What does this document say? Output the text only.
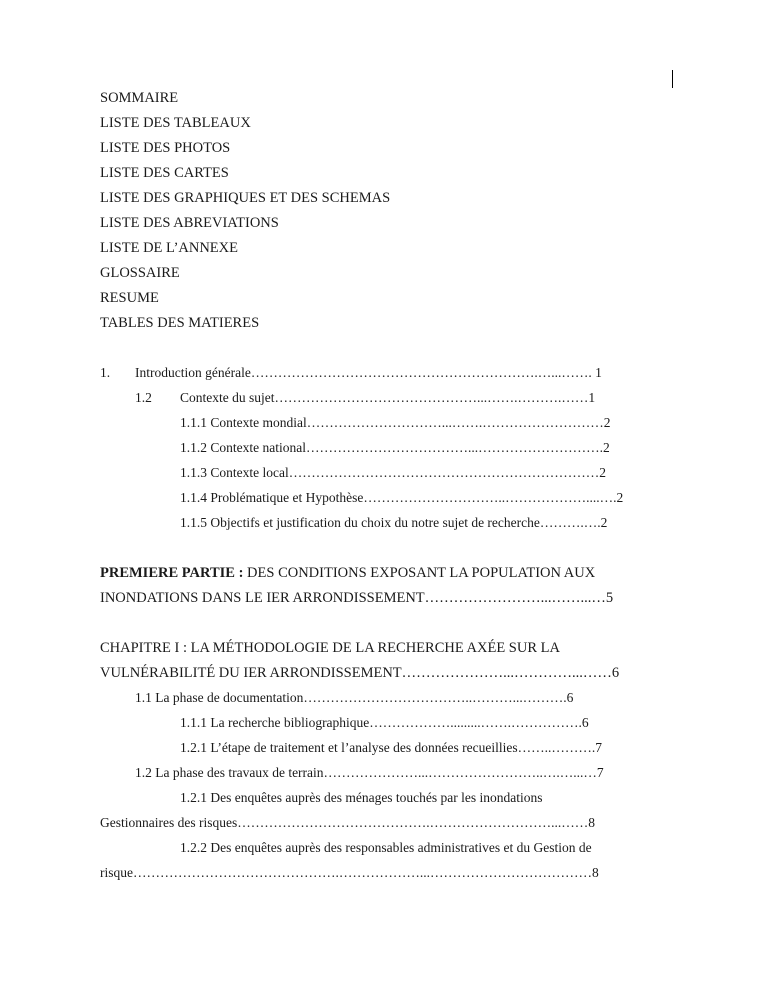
SOMMAIRE
LISTE DES TABLEAUX
LISTE DES PHOTOS
LISTE DES CARTES
LISTE DES GRAPHIQUES ET DES SCHEMAS
LISTE DES ABREVIATIONS
LISTE DE L’ANNEXE
GLOSSAIRE
RESUME
TABLES DES MATIERES
1. Introduction générale……………………………………………………….…...……. 1
1.2 Contexte du sujet………………………………………...…….……….……1
1.1.1 Contexte mondial…………………………...…….………………………2
1.1.2 Contexte national………………………………...……………………….2
1.1.3 Contexte local……………………………………………………………2
1.1.4 Problématique et Hypothèse…………………………..………………....….2
1.1.5 Objectifs et justification du choix du notre sujet de recherche……….….2
PREMIERE PARTIE : DES CONDITIONS EXPOSANT LA POPULATION AUX
INONDATIONS DANS LE IER ARRONDISSEMENT……………………...……...…5
CHAPITRE I : LA MÉTHODOLOGIE DE LA RECHERCHE AXÉE SUR LA
VULNÉRABILITÉ DU IER ARRONDISSEMENT…………………...…………...……6
1.1 La phase de documentation………………………………..………...……….6
1.1.1 La recherche bibliographique……………….........…….…………….6
1.2.1 L’étape de traitement et l’analyse des données recueillies……..……….7
1.2 La phase des travaux de terrain…………………...……………………..….…...…7
1.2.1 Des enquêtes auprès des ménages touchés par les inondations
Gestionnaires des risques…………………………………….………………………...……8
1.2.2 Des enquêtes auprès des responsables administratives et du Gestion de
risque……………………………………….………………...………………………………8
